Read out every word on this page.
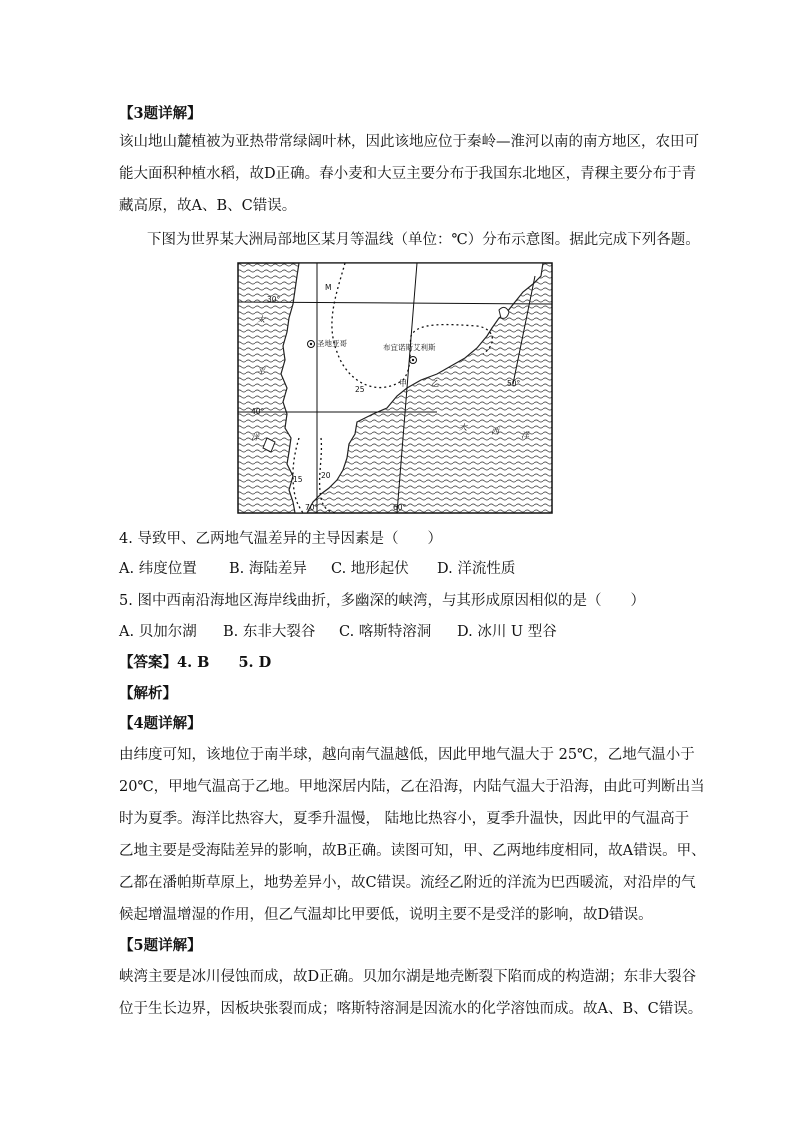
【3题详解】
该山地山麓植被为亚热带常绿阔叶林，因此该地应位于秦岭—淮河以南的南方地区，农田可
能大面积种植水稻，故D正确。春小麦和大豆主要分布于我国东北地区，青稞主要分布于青
藏高原，故A、B、C错误。
下图为世界某大洲局部地区某月等温线（单位：℃）分布示意图。据此完成下列各题。
30°
40°
70°	60°
50°
M
圣地亚哥	布宜诺斯艾利斯
甲	乙
25
20
15
太
平
洋
大	西	洋
4. 导致甲、乙两地气温差异的主导因素是（　　）
A. 纬度位置 B. 海陆差异 C. 地形起伏 D. 洋流性质
5. 图中西南沿海地区海岸线曲折，多幽深的峡湾，与其形成原因相似的是（　　）
A. 贝加尔湖 B. 东非大裂谷 C. 喀斯特溶洞 D. 冰川 U 型谷
【答案】4. B　　5. D
【解析】
【4题详解】
由纬度可知，该地位于南半球，越向南气温越低，因此甲地气温大于 25℃，乙地气温小于
20℃，甲地气温高于乙地。甲地深居内陆，乙在沿海，内陆气温大于沿海，由此可判断出当
时为夏季。海洋比热容大，夏季升温慢， 陆地比热容小，夏季升温快，因此甲的气温高于
乙地主要是受海陆差异的影响，故B正确。读图可知，甲、乙两地纬度相同，故A错误。甲、
乙都在潘帕斯草原上，地势差异小，故C错误。流经乙附近的洋流为巴西暖流，对沿岸的气
候起增温增湿的作用，但乙气温却比甲要低，说明主要不是受洋的影响，故D错误。
【5题详解】
峡湾主要是冰川侵蚀而成，故D正确。贝加尔湖是地壳断裂下陷而成的构造湖；东非大裂谷
位于生长边界，因板块张裂而成；喀斯特溶洞是因流水的化学溶蚀而成。故A、B、C错误。
